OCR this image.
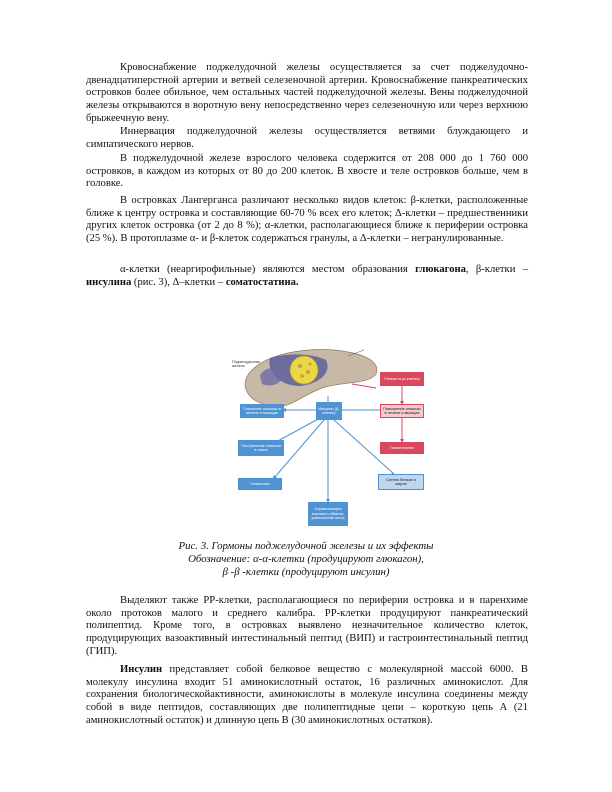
Кровоснабжение поджелудочной железы осуществляется за счет поджелудочно-двенадцатиперстной артерии и ветвей селезеночной артерии. Кровоснабжение панкреатических островков более обильное, чем остальных частей поджелудочной железы. Вены поджелудочной железы открываются в воротную вену непосредственно через селезеночную или через верхнюю брыжеечную вену.

Иннервация поджелудочной железы осуществляется ветвями блуждающего и симпатического нервов.

В поджелудочной железе взрослого человека содержится от 208 000 до 1 760 000 островков, в каждом из которых от 80 до 200 клеток. В хвосте и теле островков больше, чем в головке.

В островках Лангерганса различают несколько видов клеток: β-клетки, расположенные ближе к центру островка и составляющие 60-70 % всех его клеток; Δ-клетки – предшественники других клеток островка (от 2 до 8 %); α-клетки, располагающиеся ближе к периферии островка (25 %). В протоплазме α- и β-клеток содержаться гранулы, а Δ-клетки – негранулированные.

α-клетки (неаргирофильные) являются местом образования глюкагона, β-клетки – инсулина (рис. 3), Δ–клетки – соматостатина.

Поджелудочная железа
Глюкагон (α-клетки)
Инсулин (β-клетки)
Снижение глюкозы в печени и мышцах
Повышение глюкозы в печени и мышцах
Поступление глюкозы в ткани	Гликогенолиз
Гликогенез
Синтез белков и жиров
Нормализация жирового обмена, уменьшение кетоз

Рис. 3. Гормоны поджелудочной железы и их эффекты

Обозначение: α-α-клетки (продуцируют глюкагон),

β -β -клетки (продуцируют инсулин)

Выделяют также РР-клетки, располагающиеся по периферии островка и в паренхиме около протоков малого и среднего калибра. РР-клетки продуцируют панкреатический полипептид. Кроме того, в островках выявлено незначительное количество клеток, продуцирующих вазоактивный интестинальный пептид (ВИП) и гастроинтестинальный пептид (ГИП).

Инсулин представляет собой белковое вещество с молекулярной массой 6000. В молекулу инсулина входит 51 аминокислотный остаток, 16 различных аминокислот. Для сохранения биологическойактивности, аминокислоты в молекуле инсулина соединены между собой в виде пептидов, составляющих две полипептидные цепи – короткую цепь А (21 аминокислотный остаток) и длинную цепь В (30 аминокислотных остатков).
